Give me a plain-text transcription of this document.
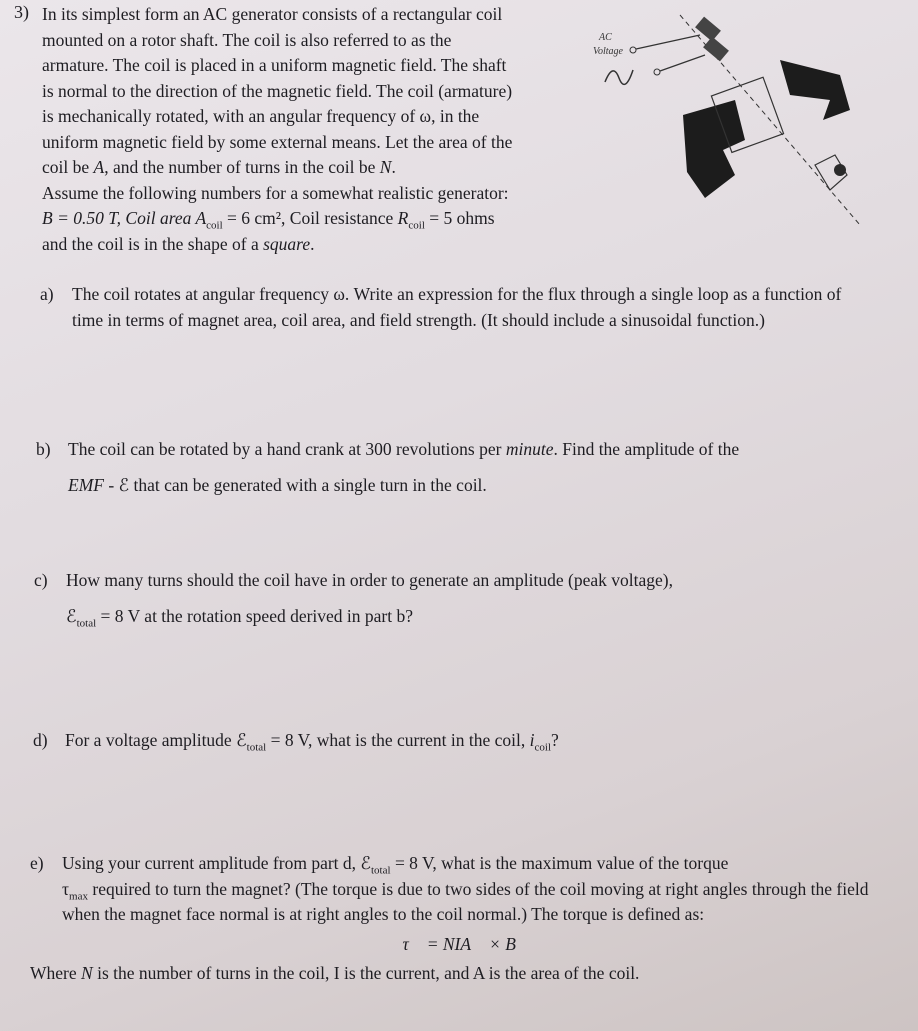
3) In its simplest form an AC generator consists of a rectangular coil
mounted on a rotor shaft. The coil is also referred to as the
armature. The coil is placed in a uniform magnetic field. The shaft
is normal to the direction of the magnetic field. The coil (armature)
is mechanically rotated, with an angular frequency of ω, in the
uniform magnetic field by some external means. Let the area of the
coil be A, and the number of turns in the coil be N.
Assume the following numbers for a somewhat realistic generator:
B = 0.50 T, Coil area $A_{coil} = 6$ cm², Coil resistance $R_{coil} = 5$ ohms
and the coil is in the shape of a square.
AC
Voltage
a)	The coil rotates at angular frequency ω. Write an expression for the flux through a single loop as a function of time in terms of magnet area, coil area, and field strength. (It should include a sinusoidal function.)
b) The coil can be rotated by a hand crank at 300 revolutions per minute. Find the amplitude of the
EMF - ℰ that can be generated with a single turn in the coil.
c)	How many turns should the coil have in order to generate an amplitude (peak voltage),
ℰ$_{total}$ = 8 V at the rotation speed derived in part b?
d) For a voltage amplitude ℰ$_{total}$ = 8 V, what is the current in the coil, $i_{coil}$?
e)	Using your current amplitude from part d, ℰ$_{total}$ = 8 V, what is the maximum value of the torque
$\tau_{max}$ required to turn the magnet? (The torque is due to two sides of the coil moving at right angles through the field when the magnet face normal is at right angles to the coil normal.) The torque is defined as:
τ⃗ = NIA⃗ × B⃗
Where N is the number of turns in the coil, I is the current, and A is the area of the coil.
